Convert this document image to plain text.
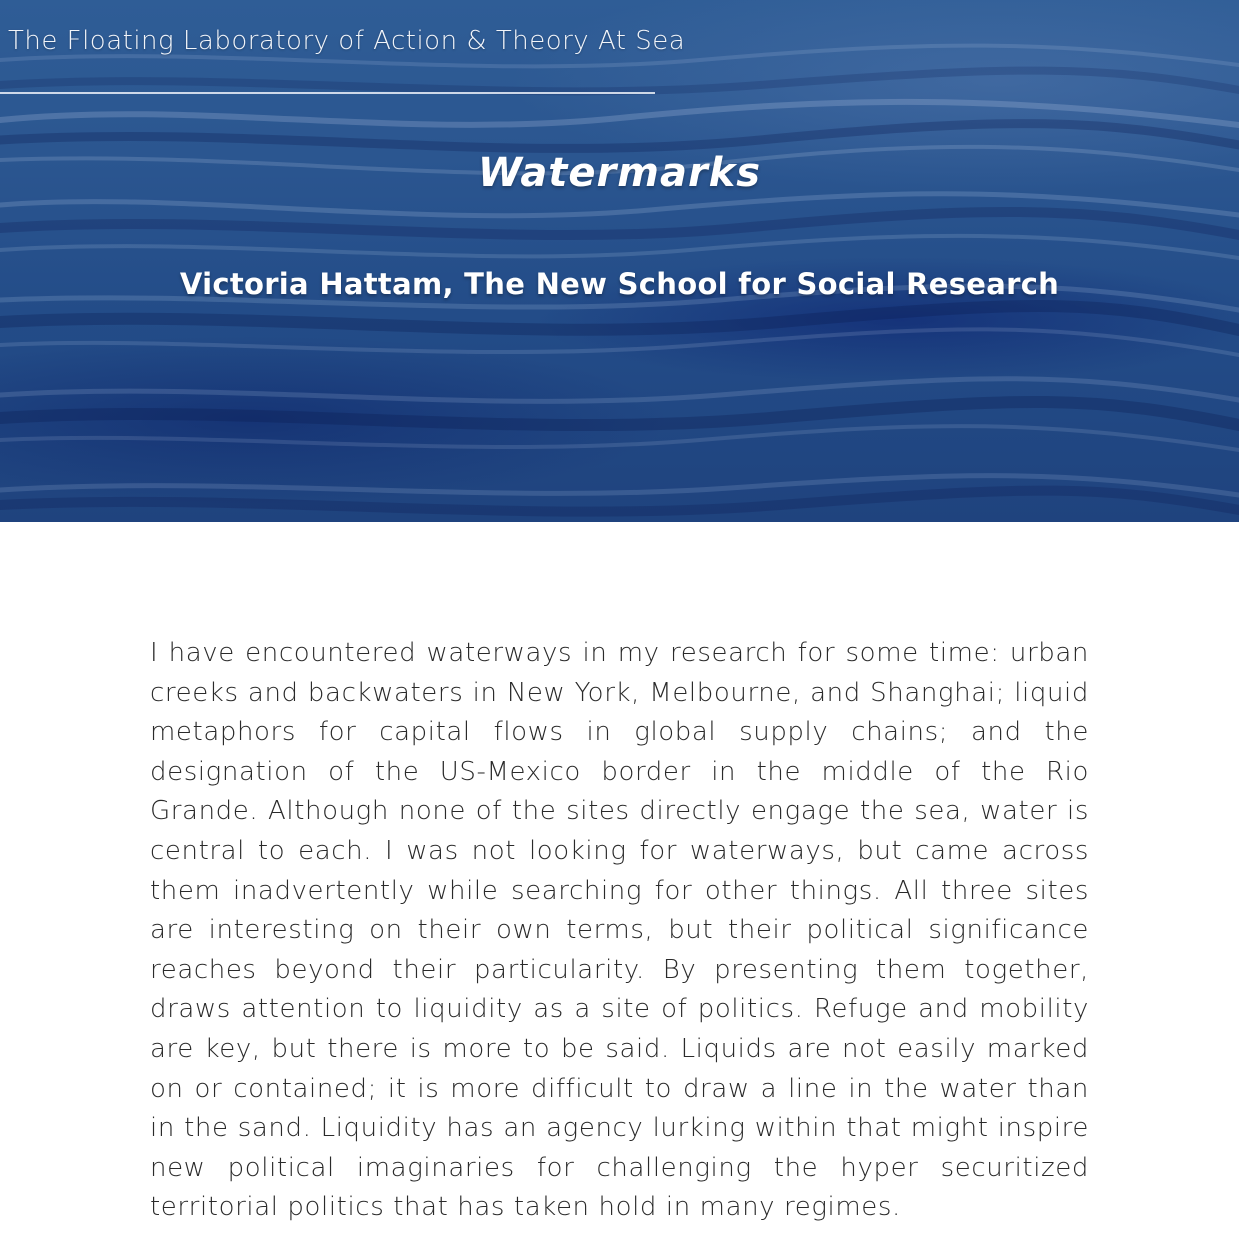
The Floating Laboratory of Action & Theory At Sea
Watermarks
Victoria Hattam, The New School for Social Research

I have encountered waterways in my research for some time: urban creeks and backwaters in New York, Melbourne, and Shanghai; liquid metaphors for capital flows in global supply chains; and the designation of the US-Mexico border in the middle of the Rio Grande. Although none of the sites directly engage the sea, water is central to each. I was not looking for waterways, but came across them inadvertently while searching for other things. All three sites are interesting on their own terms, but their political significance reaches beyond their particularity. By presenting them together, draws attention to liquidity as a site of politics. Refuge and mobility are key, but there is more to be said. Liquids are not easily marked on or contained; it is more difficult to draw a line in the water than in the sand. Liquidity has an agency lurking within that might inspire new political imaginaries for challenging the hyper securitized territorial politics that has taken hold in many regimes.
